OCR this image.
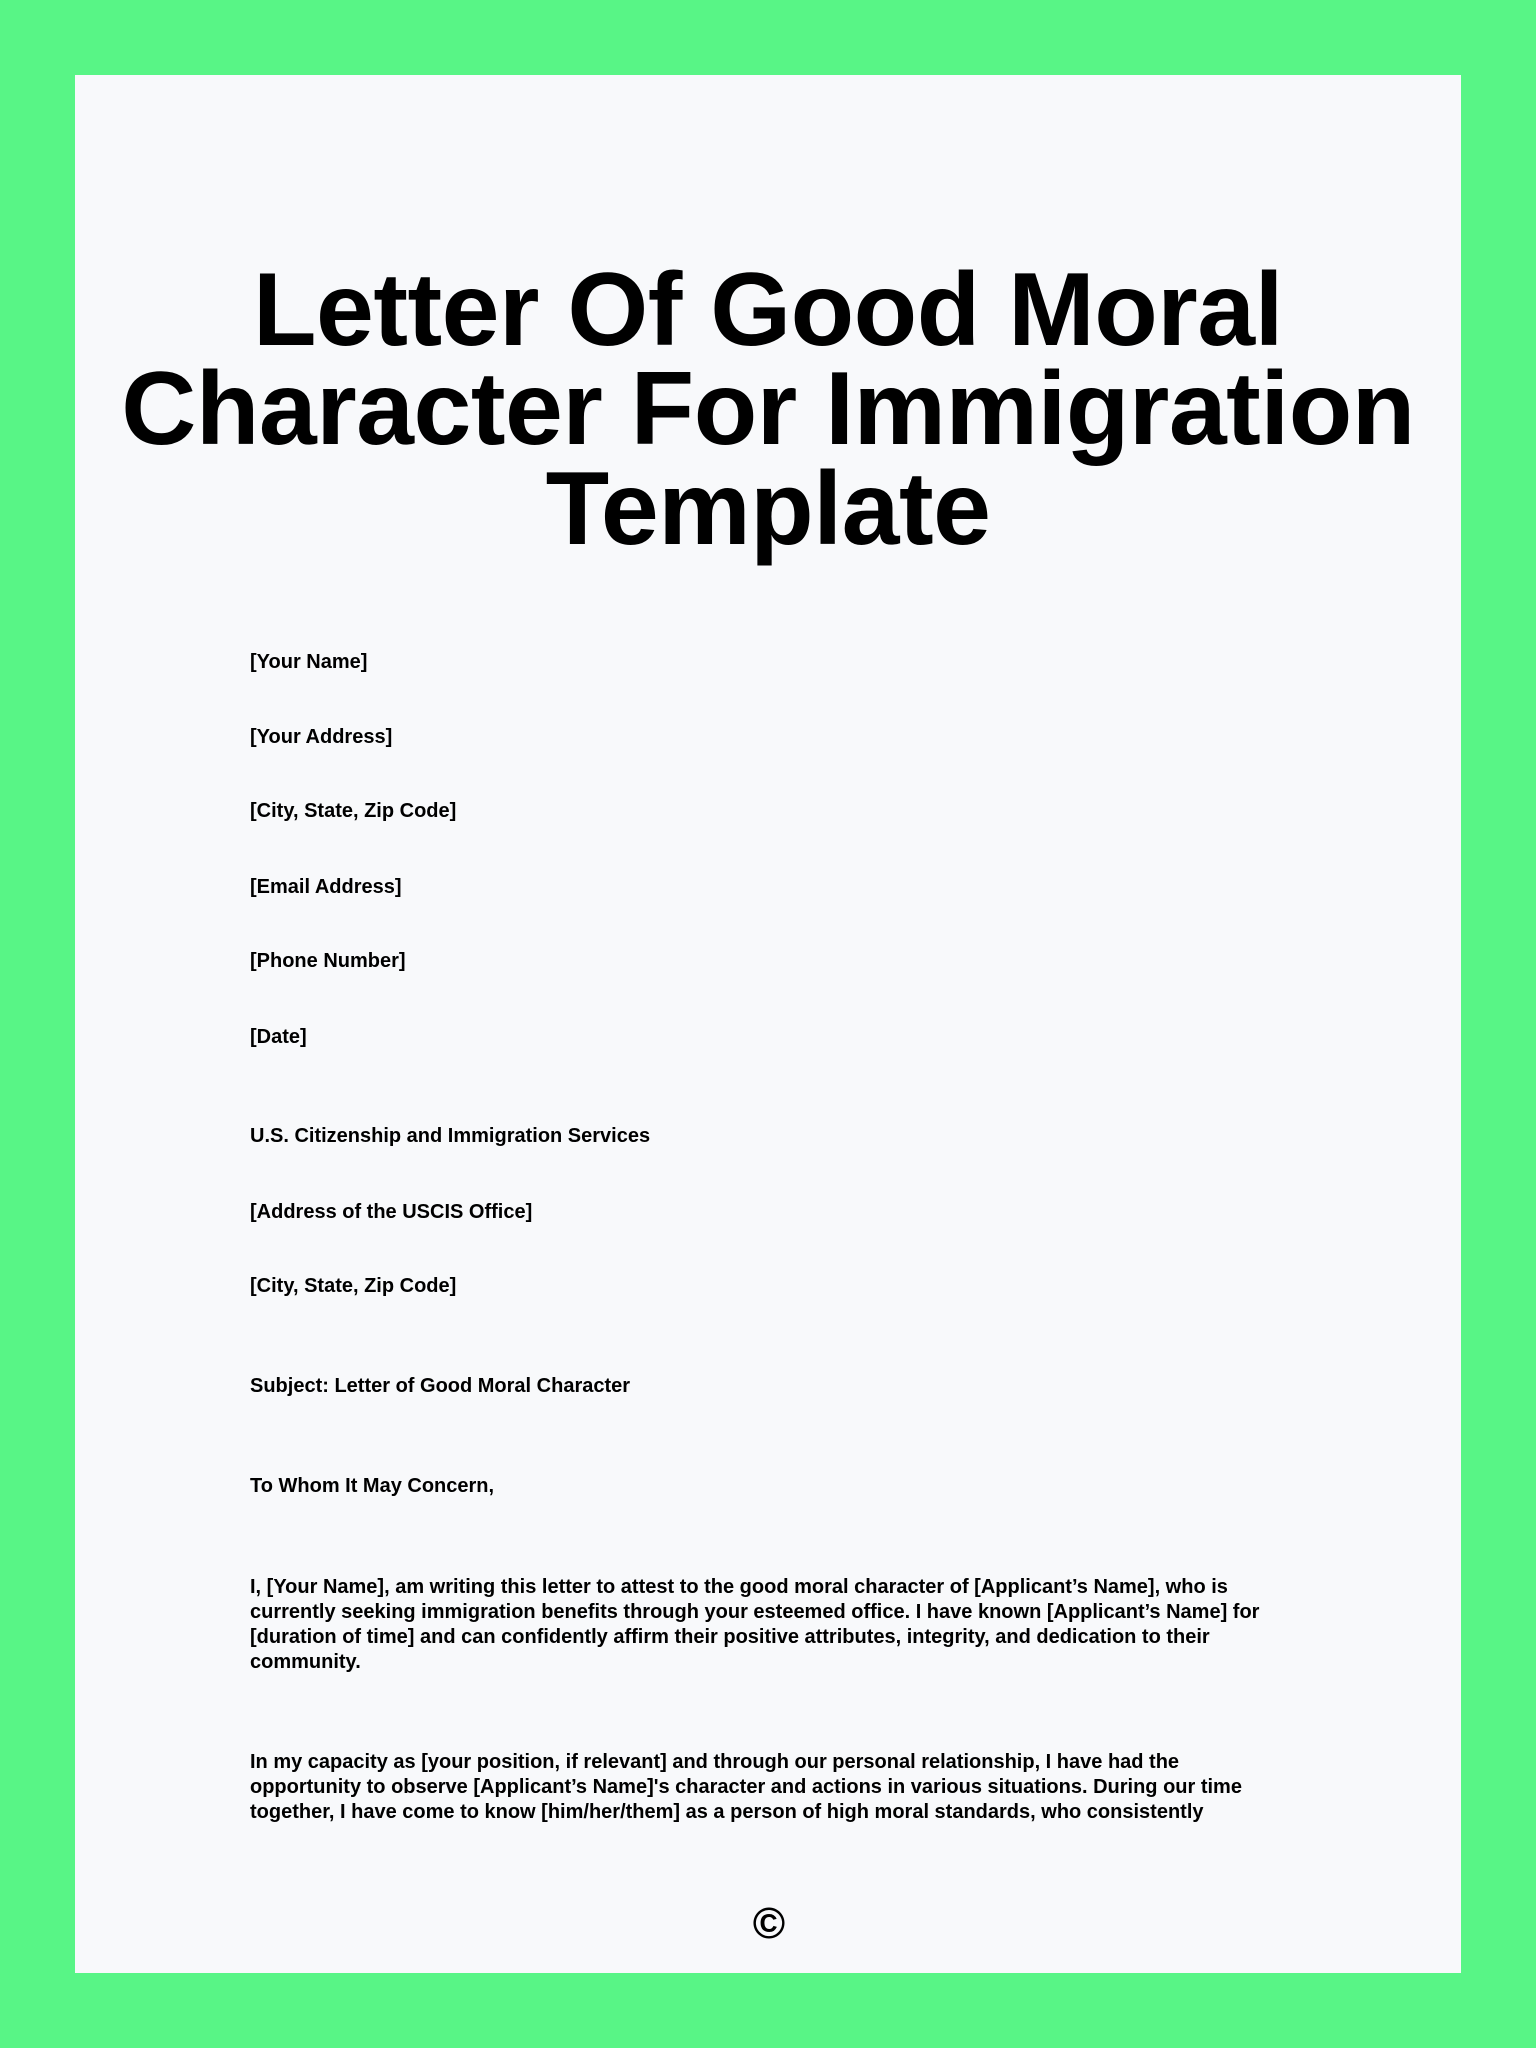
Letter Of Good Moral
Character For Immigration
Template
[Your Name]
[Your Address]
[City, State, Zip Code]
[Email Address]
[Phone Number]
[Date]
U.S. Citizenship and Immigration Services
[Address of the USCIS Office]
[City, State, Zip Code]
Subject: Letter of Good Moral Character
To Whom It May Concern,
I, [Your Name], am writing this letter to attest to the good moral character of [Applicant’s Name], who is
currently seeking immigration benefits through your esteemed office. I have known [Applicant’s Name] for
[duration of time] and can confidently affirm their positive attributes, integrity, and dedication to their
community.
In my capacity as [your position, if relevant] and through our personal relationship, I have had the
opportunity to observe [Applicant’s Name]'s character and actions in various situations. During our time
together, I have come to know [him/her/them] as a person of high moral standards, who consistently
©
